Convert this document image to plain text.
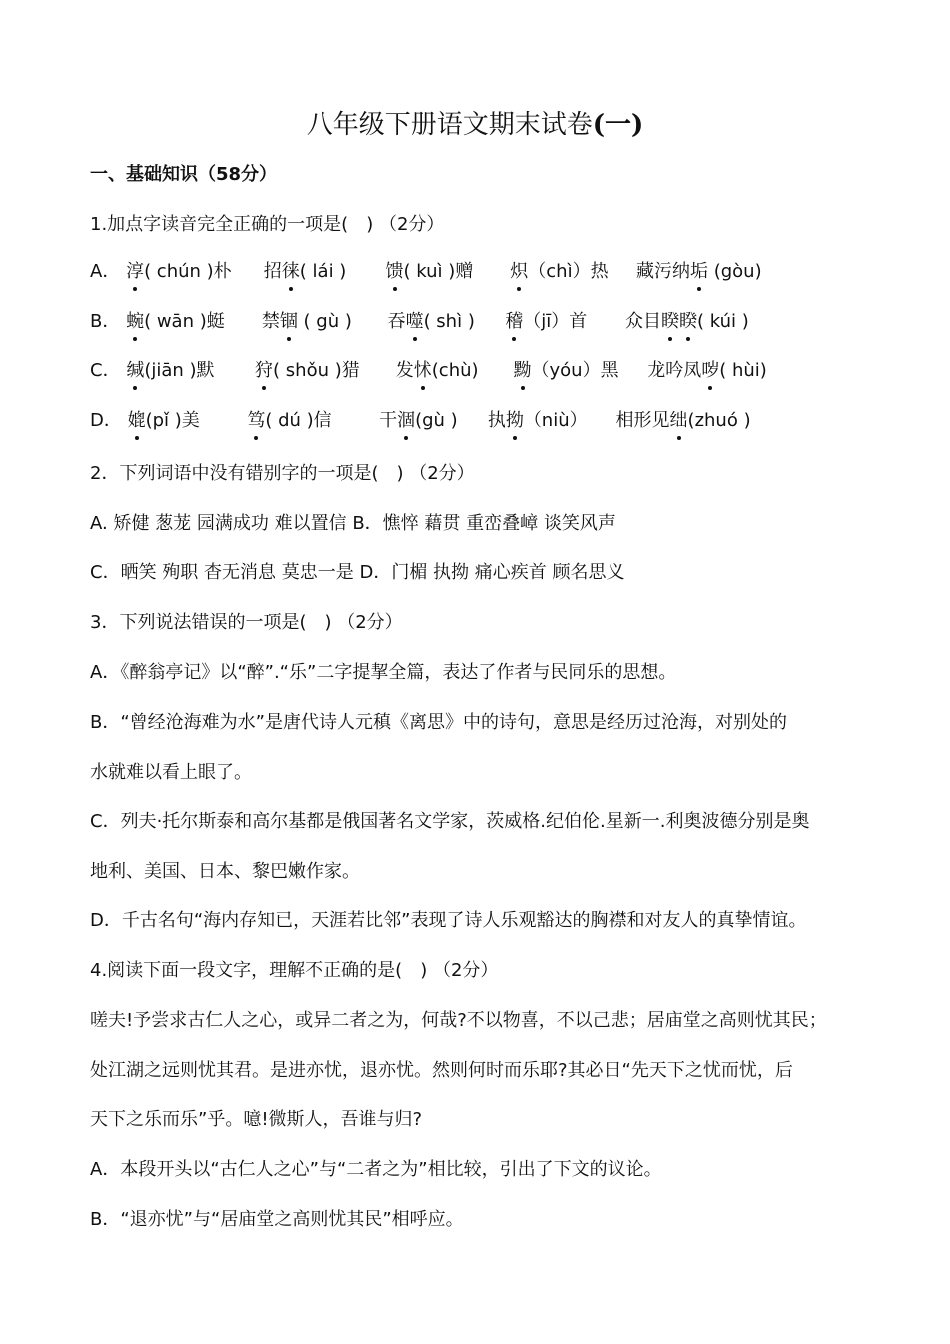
八年级下册语文期末试卷(一)
一、基础知识（58分）
1.加点字读音完全正确的一项是(　) （2分）
A． 淳( chún )朴 招徕( lái ) 馈( kuì )赠 炽（chì）热 藏污纳垢 (gòu)
B． 蜿( wān )蜓 禁锢 ( gù ) 吞噬( shì ) 稽（jī）首 众目睽睽( kúi )
C． 缄(jiān )默 狩( shǒu )猎 发怵(chù) 黝（yóu）黑 龙吟凤哕( hùi)
D． 媲(pǐ )美	笃( dú )信	干涸(gù ) 执拗（niù） 相形见绌(zhuó )
2．下列词语中没有错别字的一项是(　) （2分）
A. 矫健 葱茏 园满成功 难以置信 B．憔悴 藉贯 重峦叠嶂 谈笑风声
C．晒笑 殉职 杳无消息 莫忠一是 D．门楣 执拗 痛心疾首 顾名思义
3．下列说法错误的一项是(　) （2分）
A．《醉翁亭记》以“醉”.“乐”二字提挈全篇，表达了作者与民同乐的思想。
B．“曾经沧海难为水”是唐代诗人元稹《离思》中的诗句，意思是经历过沧海，对别处的
水就难以看上眼了。
C．列夫·托尔斯泰和高尔基都是俄国著名文学家，茨威格.纪伯伦.星新一.利奥波德分别是奥
地利、美国、日本、黎巴嫩作家。
D．千古名句“海内存知已，天涯若比邻”表现了诗人乐观豁达的胸襟和对友人的真挚情谊。
4.阅读下面一段文字，理解不正确的是(　) （2分）
嗟夫!予尝求古仁人之心，或异二者之为，何哉?不以物喜，不以己悲；居庙堂之高则忧其民；
处江湖之远则忧其君。是进亦忧，退亦忧。然则何时而乐耶?其必日“先天下之忧而忧，后
天下之乐而乐”乎。噫!微斯人，吾谁与归?
A．本段开头以“古仁人之心”与“二者之为”相比较，引出了下文的议论。
B．“退亦忧”与“居庙堂之高则忧其民”相呼应。
